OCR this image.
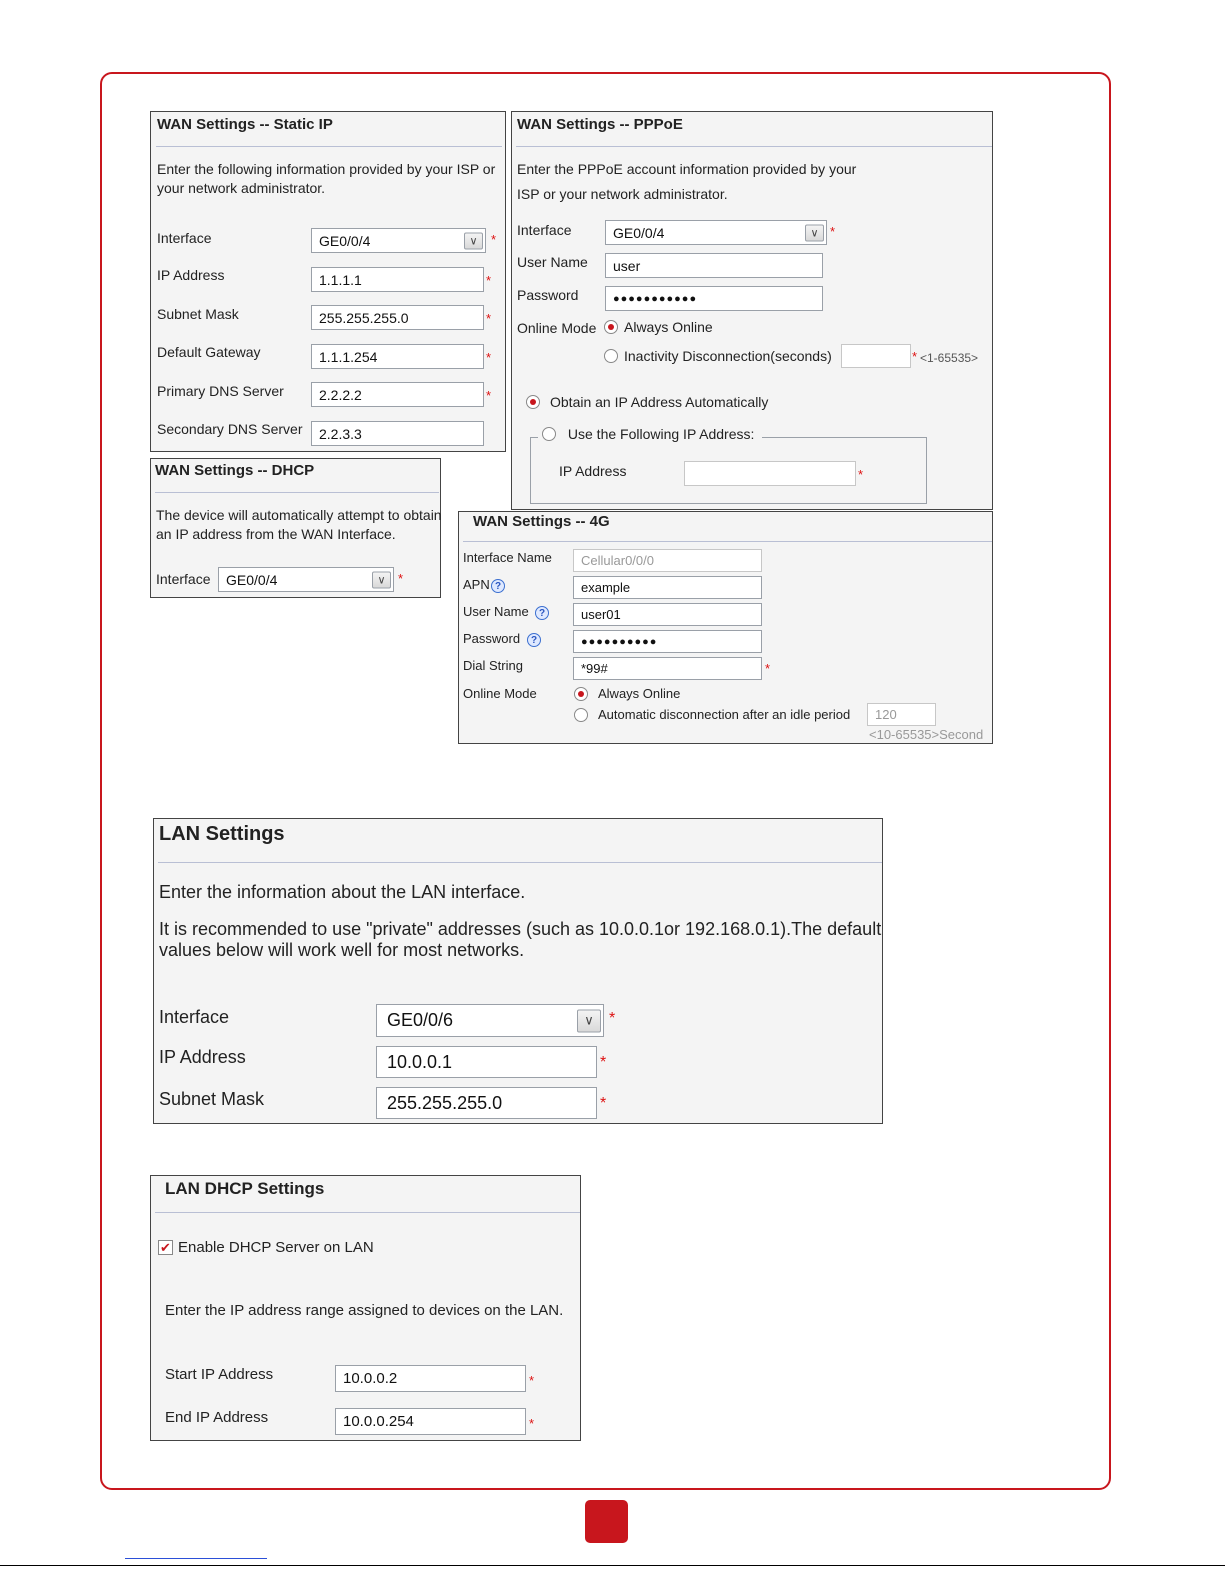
WAN Settings -- Static IP
Enter the following information provided by your ISP or
your network administrator.
Interface	GE0/0/4	∨	*
IP Address	1.1.1.1	*
Subnet Mask	255.255.255.0	*
Default Gateway	1.1.1.254	*
Primary DNS Server	2.2.2.2	*
Secondary DNS Server	2.2.3.3
WAN Settings -- PPPoE
Enter the PPPoE account information provided by your
ISP or your network administrator.
Interface	GE0/0/4	∨ *
User Name	user
Password	●●●●●●●●●●●
Online Mode Always Online
Inactivity Disconnection(seconds)	* <1-65535>
Obtain an IP Address Automatically
Use the Following IP Address:
IP Address	*
WAN Settings -- DHCP
The device will automatically attempt to obtain
an IP address from the WAN Interface.
Interface GE0/0/4	∨ *
WAN Settings -- 4G
Interface Name	Cellular0/0/0
APN ?	example
User Name	?	user01
Password	?	●●●●●●●●●●
Dial String	*99#	*
Online Mode	Always Online
Automatic disconnection after an idle period	120
<10-65535>Second
LAN Settings
Enter the information about the LAN interface.
It is recommended to use "private" addresses (such as 10.0.0.1or 192.168.0.1).The default
values below will work well for most networks.
Interface	GE0/0/6	∨ *
IP Address	10.0.0.1	*
Subnet Mask	255.255.255.0	*
LAN DHCP Settings
✔ Enable DHCP Server on LAN
Enter the IP address range assigned to devices on the LAN.
Start IP Address	10.0.0.2	*
End IP Address	10.0.0.254	*
